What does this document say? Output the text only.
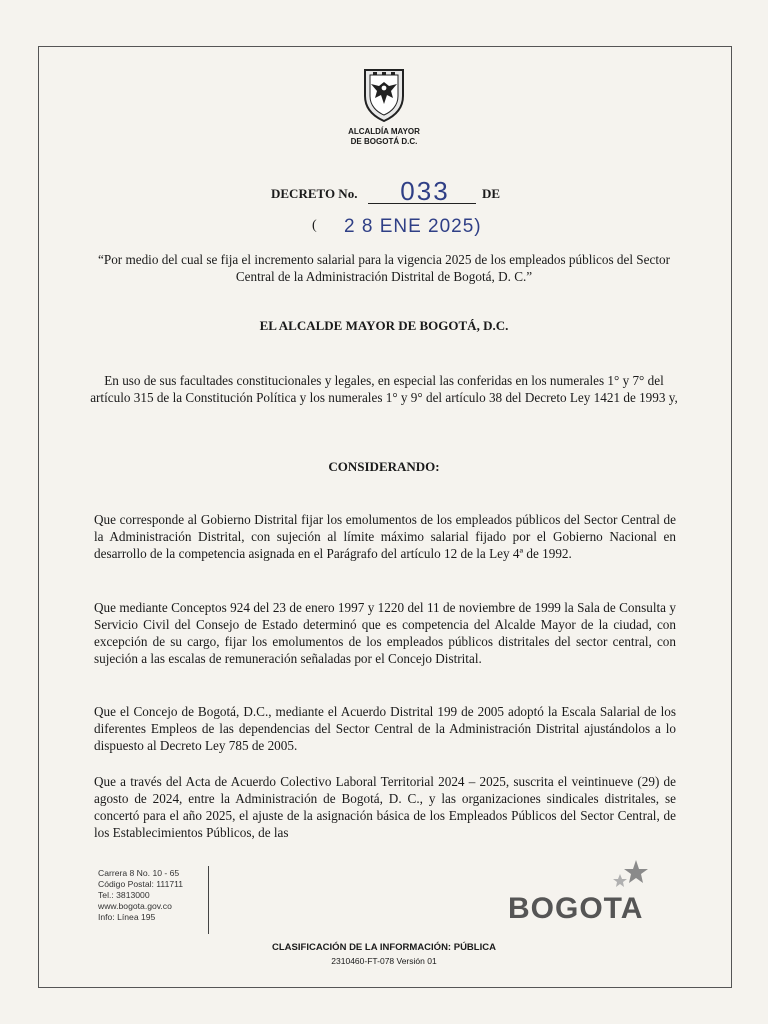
ALCALDÍA MAYOR
DE BOGOTÁ D.C.
DECRETO No.	033	DE
( 2 8 ENE 2025)
“Por medio del cual se fija el incremento salarial para la vigencia 2025 de los empleados públicos del Sector Central de la Administración Distrital de Bogotá, D. C.”
EL ALCALDE MAYOR DE BOGOTÁ, D.C.
En uso de sus facultades constitucionales y legales, en especial las conferidas en los numerales 1° y 7° del artículo 315 de la Constitución Política y los numerales 1° y 9° del artículo 38 del Decreto Ley 1421 de 1993 y,
CONSIDERANDO:
Que corresponde al Gobierno Distrital fijar los emolumentos de los empleados públicos del Sector Central de la Administración Distrital, con sujeción al límite máximo salarial fijado por el Gobierno Nacional en desarrollo de la competencia asignada en el Parágrafo del artículo 12 de la Ley 4ª de 1992.
Que mediante Conceptos 924 del 23 de enero 1997 y 1220 del 11 de noviembre de 1999 la Sala de Consulta y Servicio Civil del Consejo de Estado determinó que es competencia del Alcalde Mayor de la ciudad, con excepción de su cargo, fijar los emolumentos de los empleados públicos distritales del sector central, con sujeción a las escalas de remuneración señaladas por el Concejo Distrital.
Que el Concejo de Bogotá, D.C., mediante el Acuerdo Distrital 199 de 2005 adoptó la Escala Salarial de los diferentes Empleos de las dependencias del Sector Central de la Administración Distrital ajustándolos a lo dispuesto al Decreto Ley 785 de 2005.
Que a través del Acta de Acuerdo Colectivo Laboral Territorial 2024 – 2025, suscrita el veintinueve (29) de agosto de 2024, entre la Administración de Bogotá, D. C., y las organizaciones sindicales distritales, se concertó para el año 2025, el ajuste de la asignación básica de los Empleados Públicos del Sector Central, de los Establecimientos Públicos, de las
Carrera 8 No. 10 - 65
Código Postal: 111711
Tel.: 3813000
www.bogota.gov.co
Info: Línea 195	BOGOTA
CLASIFICACIÓN DE LA INFORMACIÓN: PÚBLICA
2310460-FT-078 Versión 01
